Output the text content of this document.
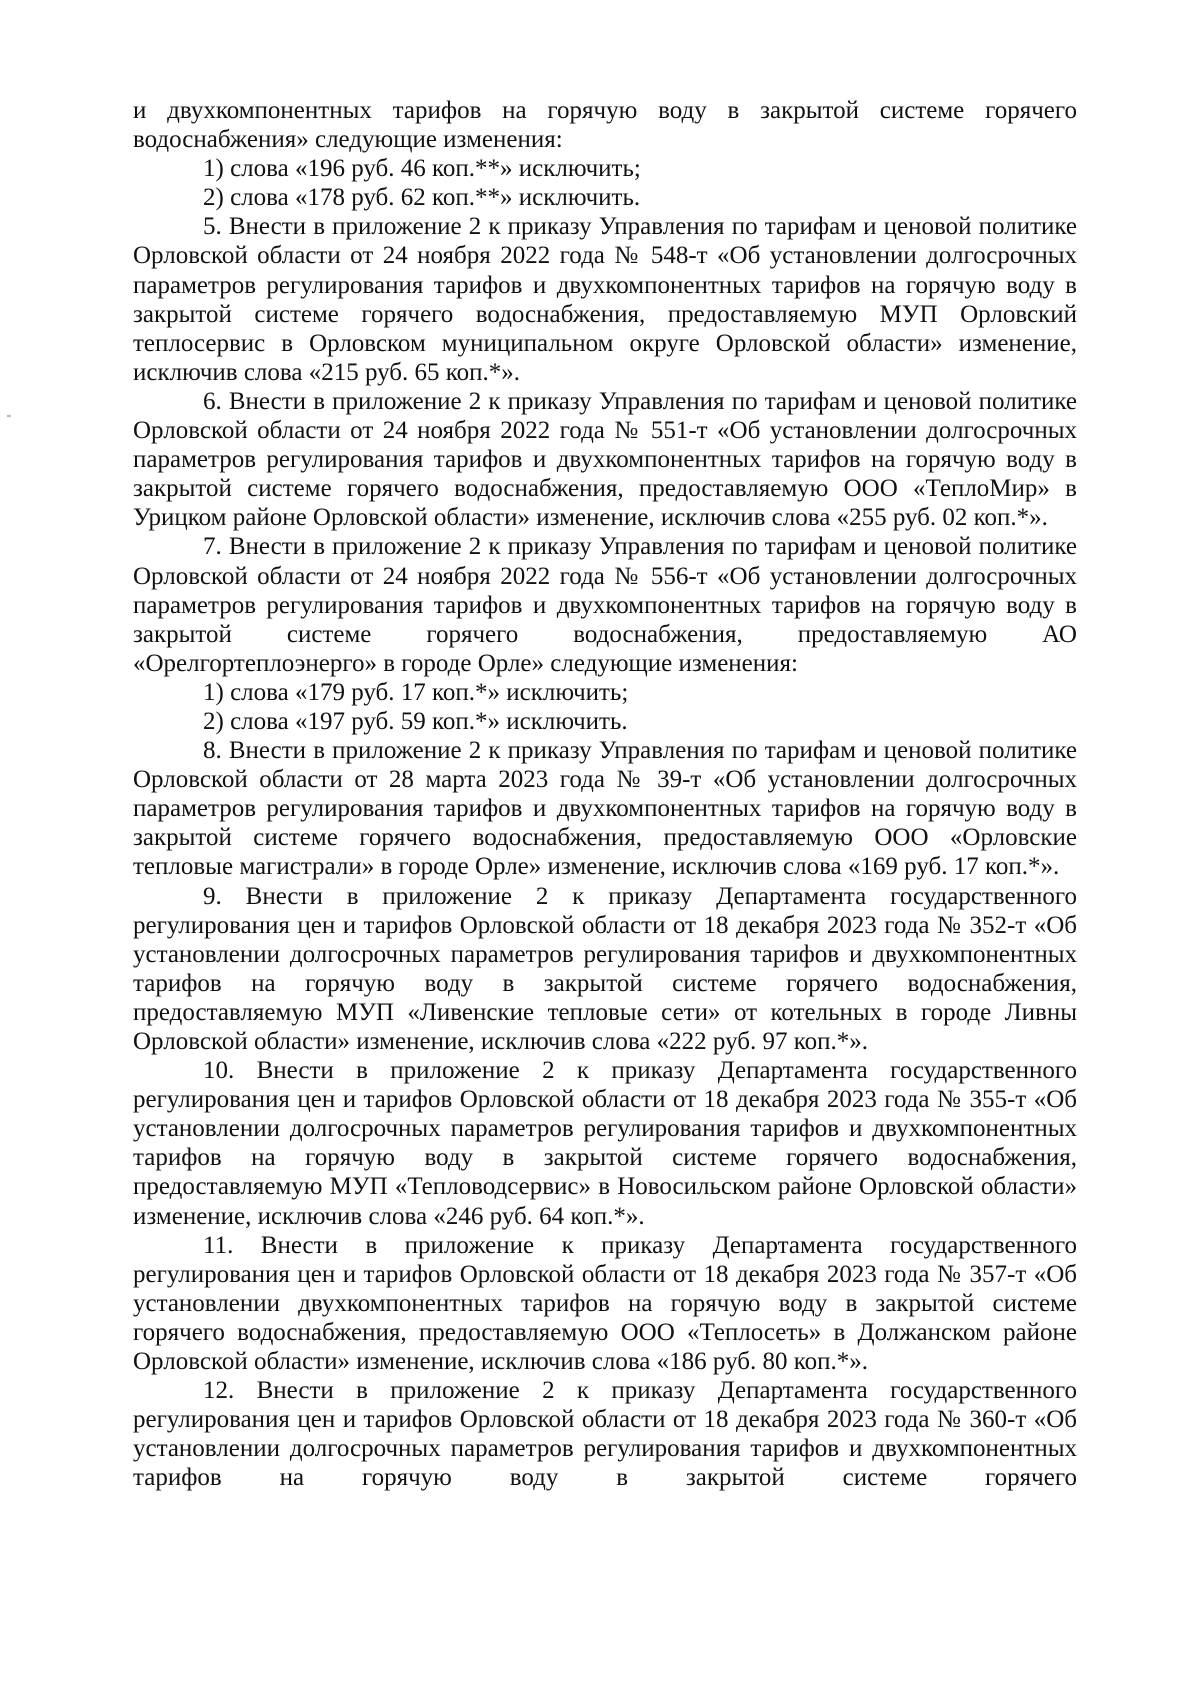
и двухкомпонентных тарифов на горячую воду в закрытой системе горячего водоснабжения» следующие изменения:

1) слова «196 руб. 46 коп.**» исключить;

2) слова «178 руб. 62 коп.**» исключить.

5. Внести в приложение 2 к приказу Управления по тарифам и ценовой политике Орловской области от 24 ноября 2022 года № 548-т «Об установлении долгосрочных параметров регулирования тарифов и двухкомпонентных тарифов на горячую воду в закрытой системе горячего водоснабжения, предоставляемую МУП Орловский теплосервис в Орловском муниципальном округе Орловской области» изменение, исключив слова «215 руб. 65 коп.*».

6. Внести в приложение 2 к приказу Управления по тарифам и ценовой политике Орловской области от 24 ноября 2022 года № 551-т «Об установлении долгосрочных параметров регулирования тарифов и двухкомпонентных тарифов на горячую воду в закрытой системе горячего водоснабжения, предоставляемую ООО «ТеплоМир» в Урицком районе Орловской области» изменение, исключив слова «255 руб. 02 коп.*».

7. Внести в приложение 2 к приказу Управления по тарифам и ценовой политике Орловской области от 24 ноября 2022 года № 556-т «Об установлении долгосрочных параметров регулирования тарифов и двухкомпонентных тарифов на горячую воду в закрытой системе горячего водоснабжения, предоставляемую АО «Орелгортеплоэнерго» в городе Орле» следующие изменения:

1) слова «179 руб. 17 коп.*» исключить;

2) слова «197 руб. 59 коп.*» исключить.

8. Внести в приложение 2 к приказу Управления по тарифам и ценовой политике Орловской области от 28 марта 2023 года № 39-т «Об установлении долгосрочных параметров регулирования тарифов и двухкомпонентных тарифов на горячую воду в закрытой системе горячего водоснабжения, предоставляемую ООО «Орловские тепловые магистрали» в городе Орле» изменение, исключив слова «169 руб. 17 коп.*».

9. Внести в приложение 2 к приказу Департамента государственного регулирования цен и тарифов Орловской области от 18 декабря 2023 года № 352-т «Об установлении долгосрочных параметров регулирования тарифов и двухкомпонентных тарифов на горячую воду в закрытой системе горячего водоснабжения, предоставляемую МУП «Ливенские тепловые сети» от котельных в городе Ливны Орловской области» изменение, исключив слова «222 руб. 97 коп.*».

10. Внести в приложение 2 к приказу Департамента государственного регулирования цен и тарифов Орловской области от 18 декабря 2023 года № 355-т «Об установлении долгосрочных параметров регулирования тарифов и двухкомпонентных тарифов на горячую воду в закрытой системе горячего водоснабжения, предоставляемую МУП «Тепловодсервис» в Новосильском районе Орловской области» изменение, исключив слова «246 руб. 64 коп.*».

11. Внести в приложение к приказу Департамента государственного регулирования цен и тарифов Орловской области от 18 декабря 2023 года № 357-т «Об установлении двухкомпонентных тарифов на горячую воду в закрытой системе горячего водоснабжения, предоставляемую ООО «Теплосеть» в Должанском районе Орловской области» изменение, исключив слова «186 руб. 80 коп.*».

12. Внести в приложение 2 к приказу Департамента государственного регулирования цен и тарифов Орловской области от 18 декабря 2023 года № 360-т «Об установлении долгосрочных параметров регулирования тарифов и двухкомпонентных тарифов на горячую воду в закрытой системе горячего
